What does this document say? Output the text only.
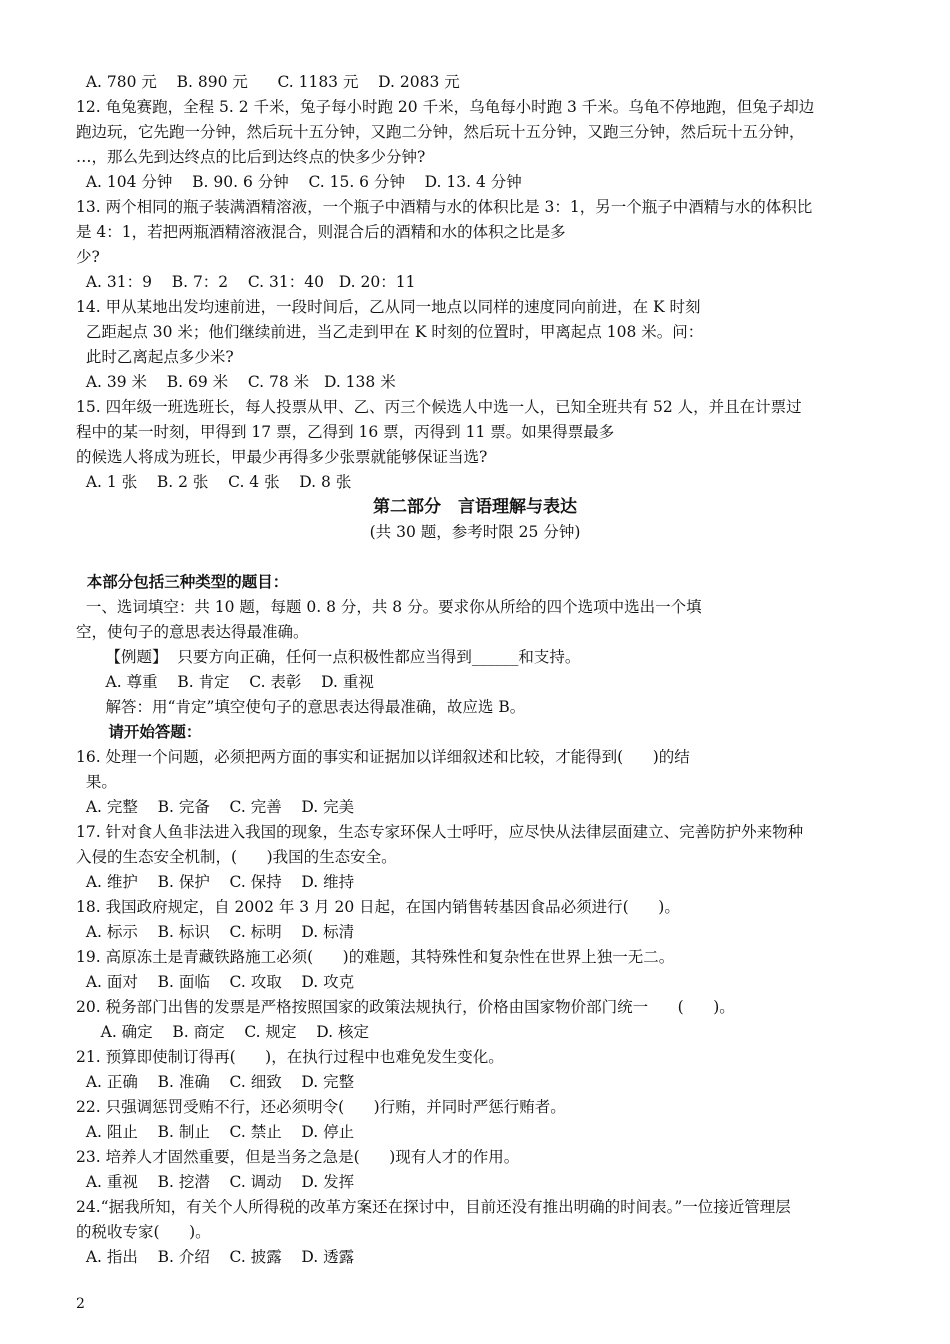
A. 780 元    B. 890 元      C. 1183 元    D. 2083 元
12. 龟兔赛跑，全程 5. 2 千米，兔子每小时跑 20 千米，乌龟每小时跑 3 千米。乌龟不停地跑，但兔子却边
跑边玩，它先跑一分钟，然后玩十五分钟，又跑二分钟，然后玩十五分钟，又跑三分钟，然后玩十五分钟，
…，那么先到达终点的比后到达终点的快多少分钟?
A. 104 分钟    B. 90. 6 分钟    C. 15. 6 分钟    D. 13. 4 分钟
13. 两个相同的瓶子装满酒精溶液，一个瓶子中酒精与水的体积比是 3：1，另一个瓶子中酒精与水的体积比
是 4：1，若把两瓶酒精溶液混合，则混合后的酒精和水的体积之比是多
少?
A. 31：9    B. 7：2    C. 31：40   D. 20：11
14. 甲从某地出发均速前进，一段时间后，乙从同一地点以同样的速度同向前进，在 K 时刻
乙距起点 30 米；他们继续前进，当乙走到甲在 K 时刻的位置时，甲离起点 108 米。问：
此时乙离起点多少米?
A. 39 米    B. 69 米    C. 78 米   D. 138 米
15. 四年级一班选班长，每人投票从甲、乙、丙三个候选人中选一人，已知全班共有 52 人，并且在计票过
程中的某一时刻，甲得到 17 票，乙得到 16 票，丙得到 11 票。如果得票最多
的候选人将成为班长，甲最少再得多少张票就能够保证当选?
A. 1 张    B. 2 张    C. 4 张    D. 8 张
第二部分　言语理解与表达
(共 30 题，参考时限 25 分钟)
本部分包括三种类型的题目：
一、选词填空：共 10 题，每题 0. 8 分，共 8 分。要求你从所给的四个选项中选出一个填
空，使句子的意思表达得最准确。
【例题】  只要方向正确，任何一点积极性都应当得到______和支持。
A. 尊重    B. 肯定    C. 表彰    D. 重视
解答：用“肯定”填空使句子的意思表达得最准确，故应选 B。
请开始答题：
16. 处理一个问题，必须把两方面的事实和证据加以详细叙述和比较，才能得到(      )的结
果。
A. 完整    B. 完备    C. 完善    D. 完美
17. 针对食人鱼非法进入我国的现象，生态专家环保人士呼吁，应尽快从法律层面建立、完善防护外来物种
入侵的生态安全机制，(      )我国的生态安全。
A. 维护    B. 保护    C. 保持    D. 维持
18. 我国政府规定，自 2002 年 3 月 20 日起，在国内销售转基因食品必须进行(      )。
A. 标示    B. 标识    C. 标明    D. 标清
19. 高原冻土是青藏铁路施工必须(      )的难题，其特殊性和复杂性在世界上独一无二。
A. 面对    B. 面临    C. 攻取    D. 攻克
20. 税务部门出售的发票是严格按照国家的政策法规执行，价格由国家物价部门统一      (      )。
A. 确定    B. 商定    C. 规定    D. 核定
21. 预算即使制订得再(      )，在执行过程中也难免发生变化。
A. 正确    B. 准确    C. 细致    D. 完整
22. 只强调惩罚受贿不行，还必须明令(      )行贿，并同时严惩行贿者。
A. 阻止    B. 制止    C. 禁止    D. 停止
23. 培养人才固然重要，但是当务之急是(      )现有人才的作用。
A. 重视    B. 挖潜    C. 调动    D. 发挥
24.“据我所知，有关个人所得税的改革方案还在探讨中，目前还没有推出明确的时间表。”一位接近管理层
的税收专家(      )。
A. 指出    B. 介绍    C. 披露    D. 透露
2
